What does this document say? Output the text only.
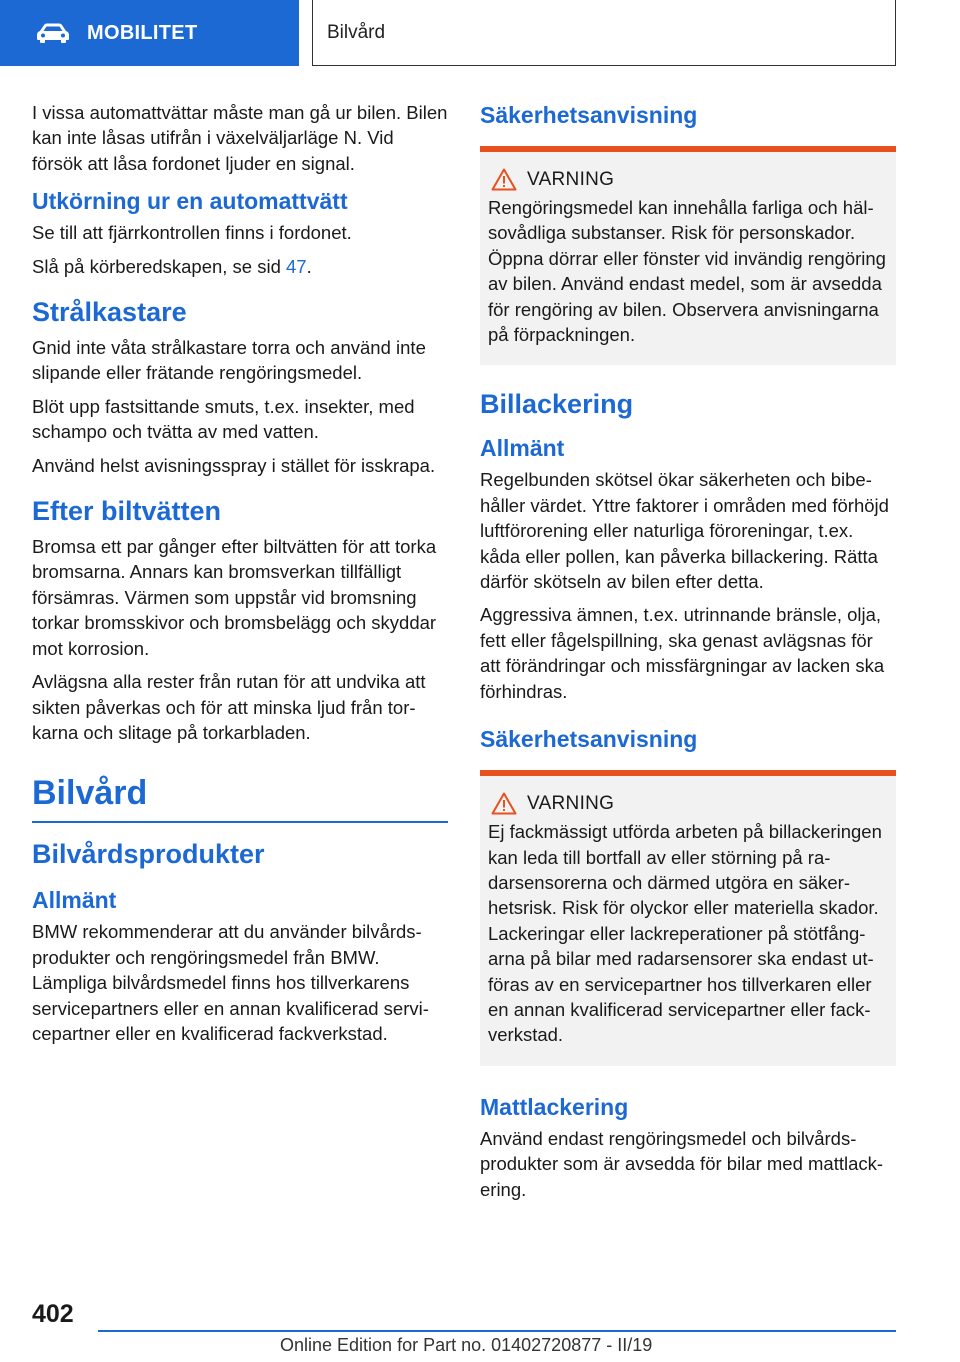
MOBILITET	Bilvård

I vissa automattvättar måste man gå ur bilen. Bilen kan inte låsas utifrån i växelväljarläge N. Vid försök att låsa fordonet ljuder en signal.

Utkörning ur en automattvätt

Se till att fjärrkontrollen finns i fordonet.

Slå på körberedskapen, se sid 47.

Strålkastare

Gnid inte våta strålkastare torra och använd inte slipande eller frätande rengöringsmedel.

Blöt upp fastsittande smuts, t.ex. insekter, med schampo och tvätta av med vatten.

Använd helst avisningsspray i stället för isskrapa.

Efter biltvätten

Bromsa ett par gånger efter biltvätten för att torka bromsarna. Annars kan bromsverkan tillfälligt försämras. Värmen som uppstår vid bromsning torkar bromsskivor och bromsbelägg och skyddar mot korrosion.

Avlägsna alla rester från rutan för att undvika att sikten påverkas och för att minska ljud från torkarna och slitage på torkarbladen.

Bilvård
Bilvårdsprodukter
Allmänt

BMW rekommenderar att du använder bilvårdsprodukter och rengöringsmedel från BMW. Lämpliga bilvårdsmedel finns hos tillverkarens servicepartners eller en annan kvalificerad servicepartner eller en kvalificerad fackverkstad.

Säkerhetsanvisning
VARNING

Rengöringsmedel kan innehålla farliga och hälsovådliga substanser. Risk för personskador. Öppna dörrar eller fönster vid invändig rengöring av bilen. Använd endast medel, som är avsedda för rengöring av bilen. Observera anvisningarna på förpackningen.

Billackering
Allmänt

Regelbunden skötsel ökar säkerheten och bibehåller värdet. Yttre faktorer i områden med förhöjd luftförorening eller naturliga föroreningar, t.ex. kåda eller pollen, kan påverka billackering. Rätta därför skötseln av bilen efter detta.

Aggressiva ämnen, t.ex. utrinnande bränsle, olja, fett eller fågelspillning, ska genast avlägsnas för att förändringar och missfärgningar av lacken ska förhindras.

Säkerhetsanvisning
VARNING

Ej fackmässigt utförda arbeten på billackeringen kan leda till bortfall av eller störning på radarsensorerna och därmed utgöra en säkerhetsrisk. Risk för olyckor eller materiella skador. Lackeringar eller lackreperationer på stötfångarna på bilar med radarsensorer ska endast utföras av en servicepartner hos tillverkaren eller en annan kvalificerad servicepartner eller fackverkstad.

Mattlackering

Använd endast rengöringsmedel och bilvårdsprodukter som är avsedda för bilar med mattlackering.

402
Online Edition for Part no. 01402720877 - II/19
